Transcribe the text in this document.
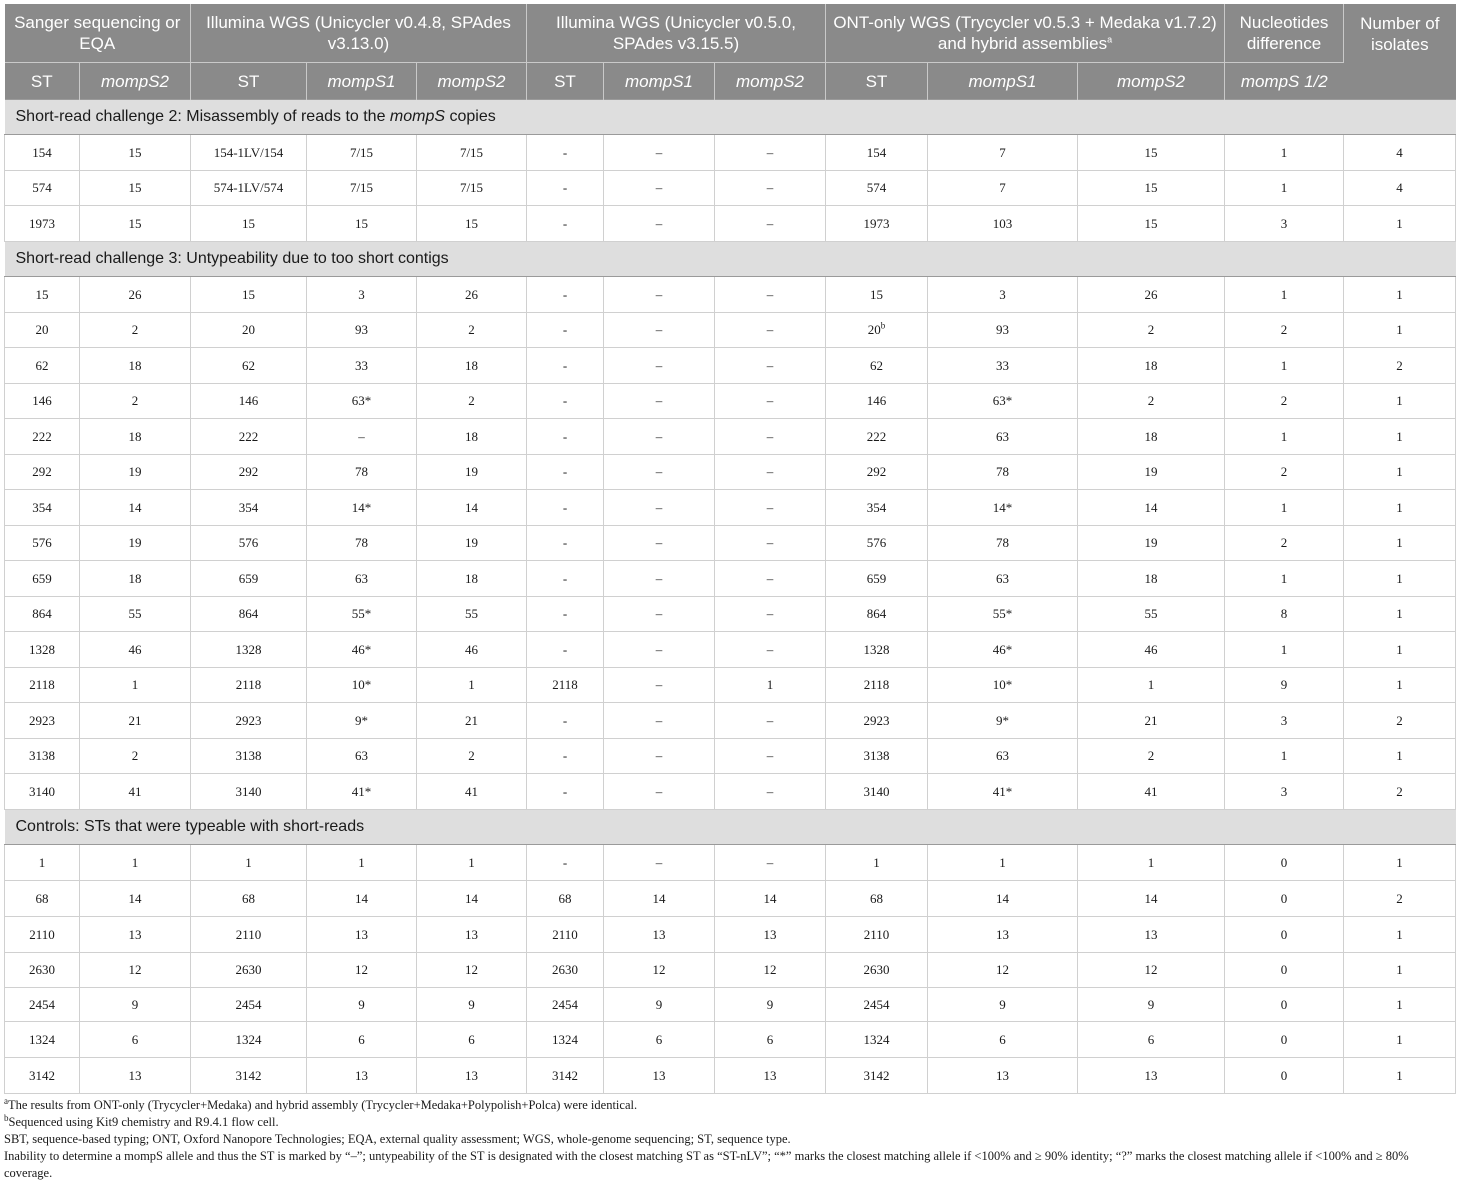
Sanger sequencing or EQA		Illumina WGS (Unicycler v0.4.8, SPAdes v3.13.0)			Illumina WGS (Unicycler v0.5.0, SPAdes v3.15.5)			ONT-only WGS (Trycycler v0.5.3 + Medaka v1.7.2) and hybrid assemblies$^a$			Nucleotides difference	Number of isolates
ST	mompS2	ST	mompS1	mompS2	ST	mompS1	mompS2	ST	mompS1	mompS2	mompS 1/2	
Short-read challenge 2: Misassembly of reads to the mompS copies												
154	15	154-1LV/154	7/15	7/15	-	–	–	154	7	15	1	4
574	15	574-1LV/574	7/15	7/15	-	–	–	574	7	15	1	4
1973	15	15	15	15	-	–	–	1973	103	15	3	1
Short-read challenge 3: Untypeability due to too short contigs												
15	26	15	3	26	-	–	–	15	3	26	1	1
20	2	20	93	2	-	–	–	20$^b$	93	2	2	1
62	18	62	33	18	-	–	–	62	33	18	1	2
146	2	146	63*	2	-	–	–	146	63*	2	2	1
222	18	222	–	18	-	–	–	222	63	18	1	1
292	19	292	78	19	-	–	–	292	78	19	2	1
354	14	354	14*	14	-	–	–	354	14*	14	1	1
576	19	576	78	19	-	–	–	576	78	19	2	1
659	18	659	63	18	-	–	–	659	63	18	1	1
864	55	864	55*	55	-	–	–	864	55*	55	8	1
1328	46	1328	46*	46	-	–	–	1328	46*	46	1	1
2118	1	2118	10*	1	2118	–	1	2118	10*	1	9	1
2923	21	2923	9*	21	-	–	–	2923	9*	21	3	2
3138	2	3138	63	2	-	–	–	3138	63	2	1	1
3140	41	3140	41*	41	-	–	–	3140	41*	41	3	2
Controls: STs that were typeable with short-reads												
1	1	1	1	1	-	–	–	1	1	1	0	1
68	14	68	14	14	68	14	14	68	14	14	0	2
2110	13	2110	13	13	2110	13	13	2110	13	13	0	1
2630	12	2630	12	12	2630	12	12	2630	12	12	0	1
2454	9	2454	9	9	2454	9	9	2454	9	9	0	1
1324	6	1324	6	6	1324	6	6	1324	6	6	0	1
3142	13	3142	13	13	3142	13	13	3142	13	13	0	1
$^a$The results from ONT-only (Trycycler+Medaka) and hybrid assembly (Trycycler+Medaka+Polypolish+Polca) were identical.
$^b$Sequenced using Kit9 chemistry and R9.4.1 flow cell.
SBT, sequence-based typing; ONT, Oxford Nanopore Technologies; EQA, external quality assessment; WGS, whole-genome sequencing; ST, sequence type.
Inability to determine a mompS allele and thus the ST is marked by “–”; untypeability of the ST is designated with the closest matching ST as “ST-nLV”; “*” marks the closest matching allele if <100% and ≥ 90% identity; “?” marks the closest matching allele if <100% and ≥ 80% coverage.
